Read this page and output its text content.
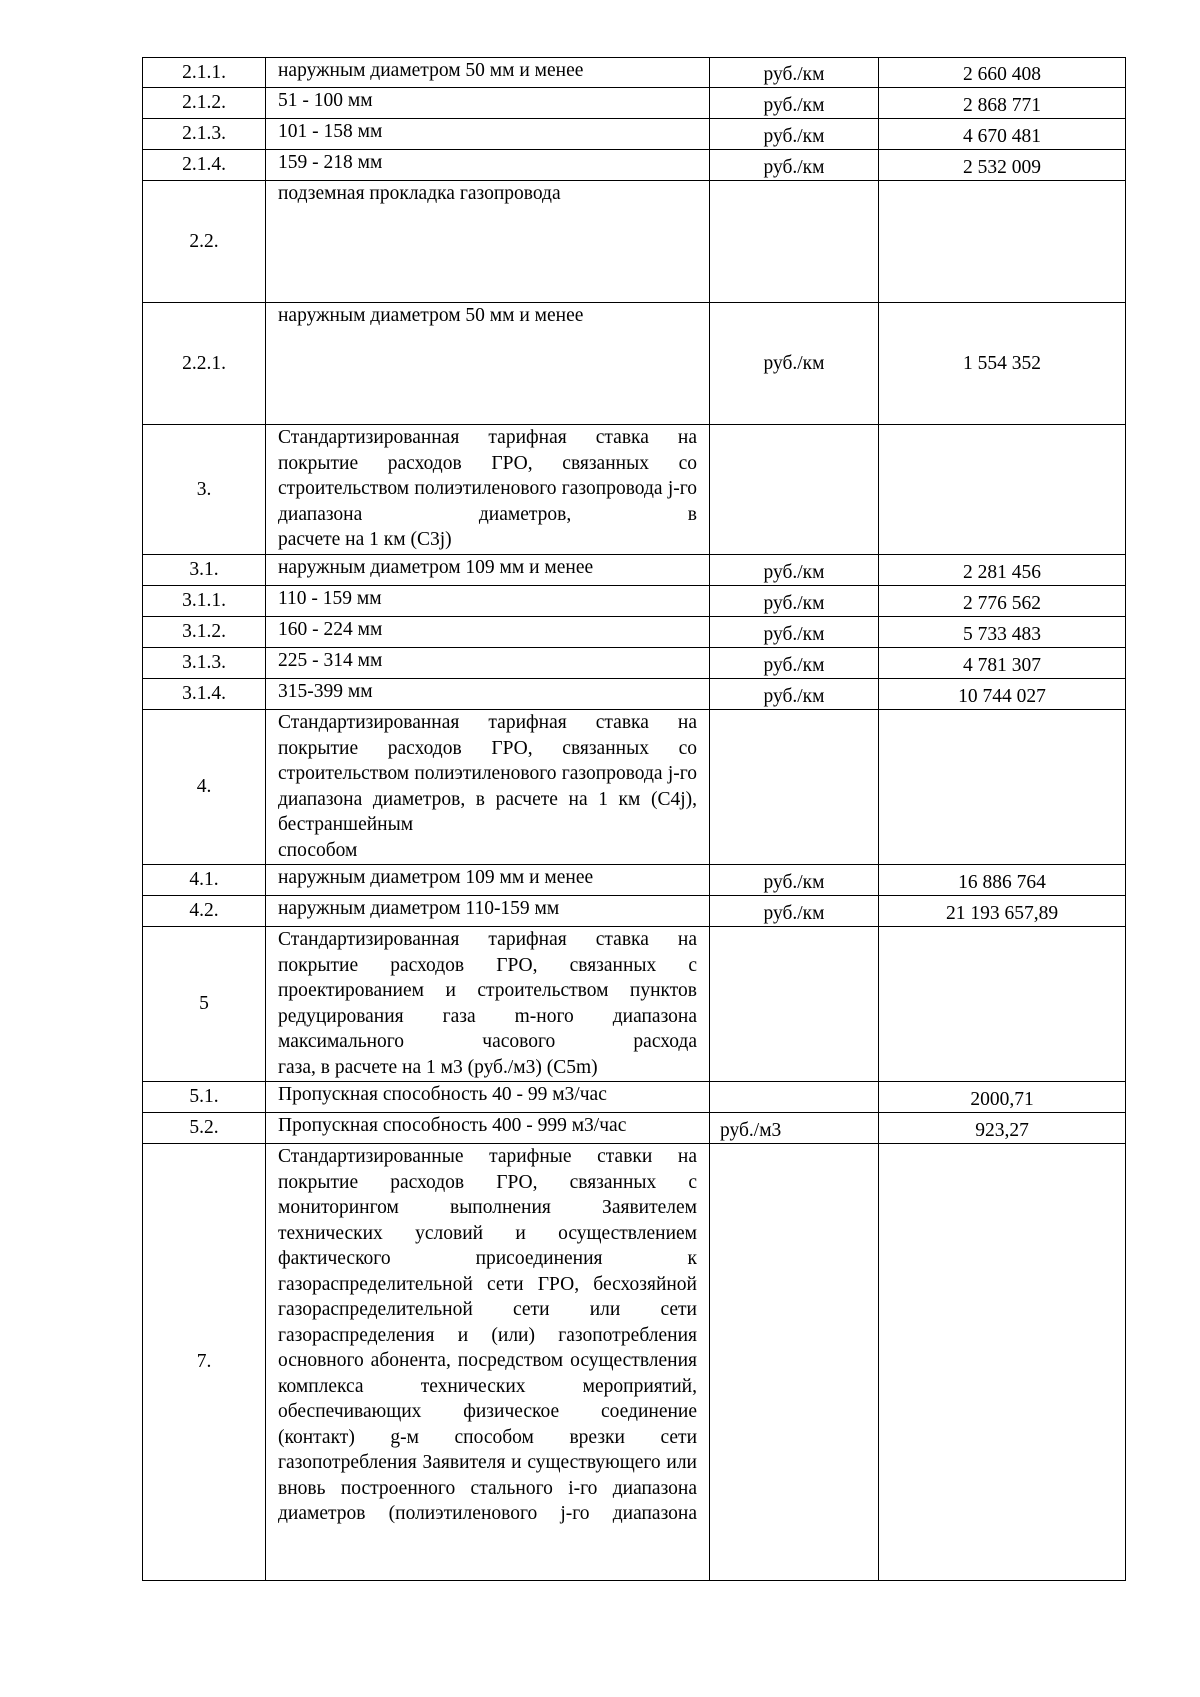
2.1.1.	наружным диаметром 50 мм и менее	руб./км	2 660 408
2.1.2.	51 - 100 мм	руб./км	2 868 771
2.1.3.	101 - 158 мм	руб./км	4 670 481
2.1.4.	159 - 218 мм	руб./км	2 532 009
2.2.	подземная прокладка газопровода		
2.2.1.	наружным диаметром 50 мм и менее	руб./км	1 554 352
3.	Стандартизированная тарифная ставка на покрытие расходов ГРО, связанных со строительством полиэтиленового газопровода j-го диапазона диаметров, в
расчете на 1 км (C3j)		

3.1.	наружным диаметром 109 мм и менее	руб./км	2 281 456
3.1.1.	110 - 159 мм	руб./км	2 776 562
3.1.2.	160 - 224 мм	руб./км	5 733 483
3.1.3.	225 - 314 мм	руб./км	4 781 307
3.1.4.	315-399 мм	руб./км	10 744 027
4.	Стандартизированная тарифная ставка на покрытие расходов ГРО, связанных со строительством полиэтиленового газопровода j-го диапазона диаметров, в расчете на 1 км (C4j), бестраншейным
способом		

4.1.	наружным диаметром 109 мм и менее	руб./км	16 886 764
4.2.	наружным диаметром 110-159 мм	руб./км	21 193 657,89
5	Стандартизированная тарифная ставка на покрытие расходов ГРО, связанных с проектированием и строительством пунктов редуцирования газа m-ного диапазона максимального часового расхода
газа, в расчете на 1 м3 (руб./м3) (C5m)		

5.1.	Пропускная способность 40 - 99 м3/час		2000,71
5.2.	Пропускная способность 400 - 999 м3/час	руб./м3	923,27
7.	Стандартизированные тарифные ставки на покрытие расходов ГРО, связанных с мониторингом выполнения Заявителем технических условий и осуществлением фактического присоединения к газораспределительной сети ГРО, бесхозяйной газораспределительной сети или сети газораспределения и (или) газопотребления основного абонента, посредством осуществления комплекса технических мероприятий, обеспечивающих физическое соединение (контакт) g-м способом врезки сети газопотребления Заявителя и существующего или вновь построенного стального i-го диапазона диаметров (полиэтиленового j-го диапазона		
